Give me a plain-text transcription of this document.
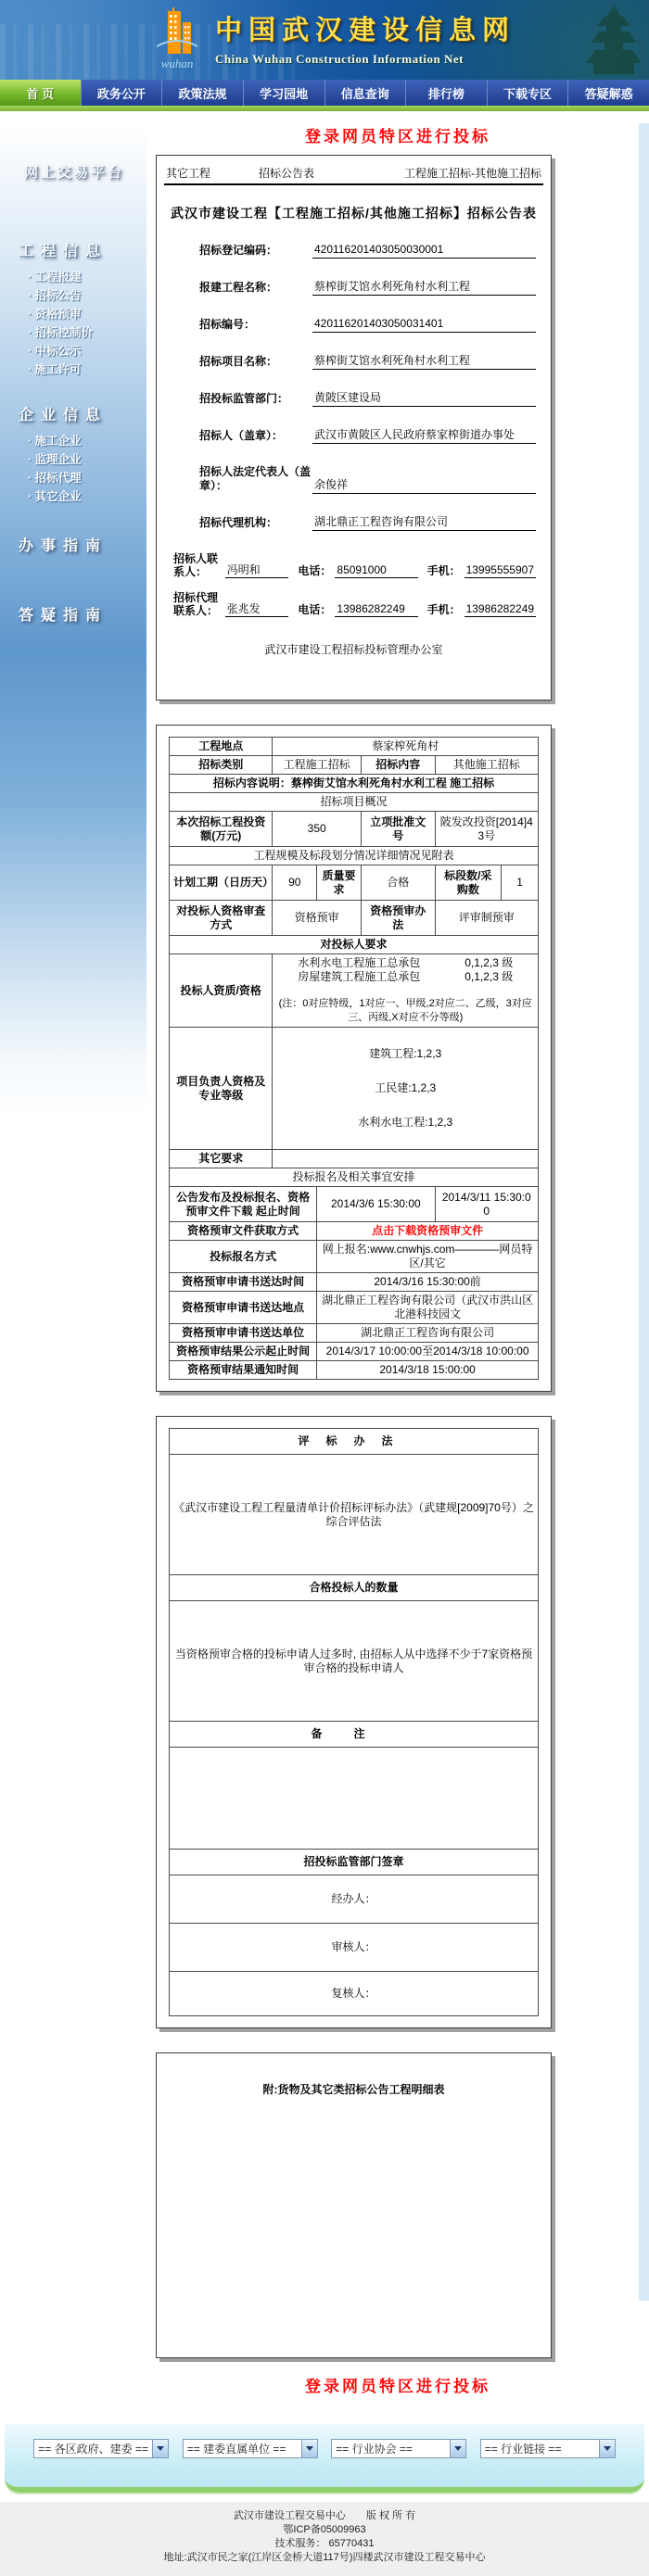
wuhan
中国武汉建设信息网
China Wuhan Construction Information Net
首 页	政务公开	政策法规	学习园地	信息查询	排行榜	下载专区	答疑解惑
网上交易平台
工程信息
· 工程报建
· 招标公告
· 资格预审
· 招标控制价
· 中标公示
· 施工许可
企业信息
· 施工企业
· 监理企业
· 招标代理
· 其它企业
办事指南
答疑指南
登录网员特区进行投标
其它工程	招标公告表	工程施工招标-其他施工招标
武汉市建设工程【工程施工招标/其他施工招标】招标公告表
招标登记编码：	420116201403050030001
报建工程名称：	蔡榨街艾馆水利死角村水利工程
招标编号：	420116201403050031401
招标项目名称：	蔡榨街艾馆水利死角村水利工程
招投标监管部门：	黄陂区建设局
招标人（盖章）：	武汉市黄陂区人民政府蔡家榨街道办事处
招标人法定代表人（盖章）：	余俊祥
招标代理机构：	湖北鼎正工程咨询有限公司
招标人联系人：	冯明和	电话： 85091000	手机： 13995555907
招标代理联系人： 张兆发	电话： 13986282249	手机： 13986282249
武汉市建设工程招标投标管理办公室
工程地点	蔡家榨死角村				
招标类别	工程施工招标		招标内容	其他施工招标	
招标内容说明：蔡榨街艾馆水利死角村水利工程 施工招标					
招标项目概况					
本次招标工程投资额(万元)	350		立项批准文号	陂发改投资[2014]43号	
工程规模及标段划分情况详细情况见附表					
计划工期（日历天）	90	质量要求	合格	标段数/采购数	1
对投标人资格审查方式	资格预审		资格预审办法	评审制预审	
对投标人要求					
投标人资质/资格	水利水电工程施工总承包　　　　0,1,2,3 级
房屋建筑工程施工总承包　　　　0,1,2,3 级
(注：0对应特级，1对应一、甲级,2对应二、乙级，3对应三、丙级,X对应不分等级)				

项目负责人资格及专业等级	建筑工程:1,2,3
工民建:1,2,3
水利水电工程:1,2,3				

其它要求					
投标报名及相关事宜安排					
公告发布及投标报名、资格预审文件下载 起止时间		2014/3/6 15:30:00		2014/3/11 15:30:00	
资格预审文件获取方式		点击下载资格预审文件			
投标报名方式		网上报名:www.cnwhjs.com————网员特区/其它			
资格预审申请书送达时间		2014/3/16 15:30:00前			
资格预审申请书送达地点		湖北鼎正工程咨询有限公司（武汉市洪山区北港科技园文			
资格预审申请书送达单位		湖北鼎正工程咨询有限公司			
资格预审结果公示起止时间		2014/3/17 10:00:00至2014/3/18 10:00:00			
资格预审结果通知时间		2014/3/18 15:00:00			
评标办法
《武汉市建设工程工程量清单计价招标评标办法》（武建规[2009]70号）之综合评估法
合格投标人的数量
当资格预审合格的投标申请人过多时, 由招标人从中选择不少于7家资格预审合格的投标申请人
备注

招投标监管部门签章
经办人：
审核人：
复核人：
附:货物及其它类招标公告工程明细表
登录网员特区进行投标
== 各区政府、建委 ==	== 建委直属单位 ==	== 行业协会 ==	== 行业链接 ==
武汉市建设工程交易中心　　版 权 所 有
鄂ICP备05009963
技术服务： 65770431
地址:武汉市民之家(江岸区金桥大道117号)四楼武汉市建设工程交易中心
